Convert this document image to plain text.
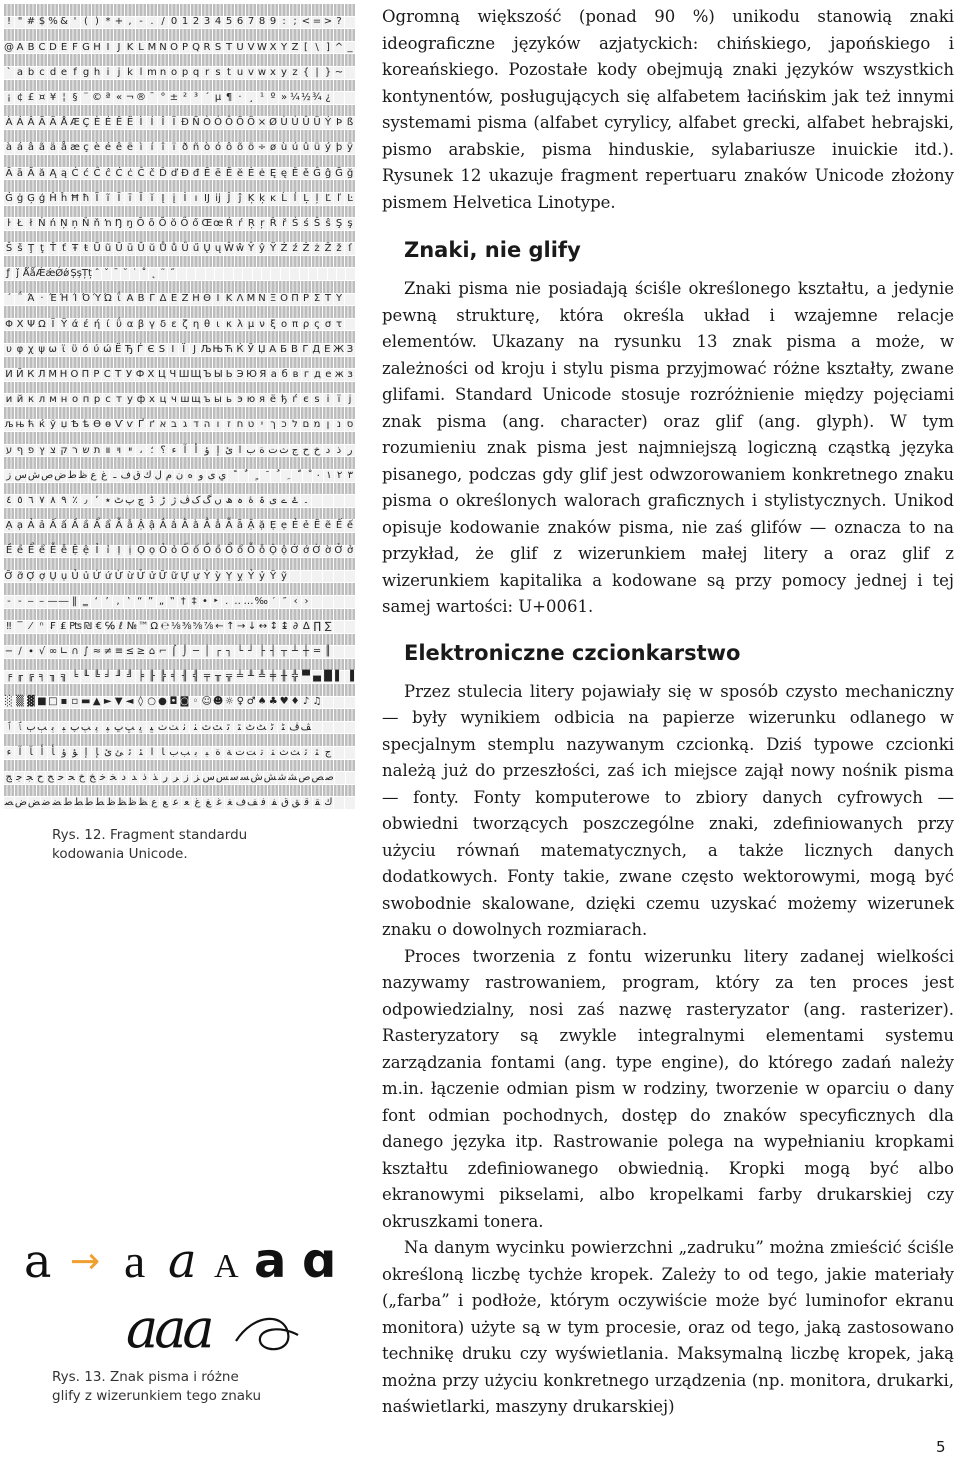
! " # $ % & ' ( ) * + , - . / 0 1 2 3 4 5 6 7 8 9 : ; < = > ?
@ A B C D E F G H I J K L M N O P Q R S T U V W X Y Z [ \ ] ^ _
` a b c d e f g h i j k l m n o p q r s t u v w x y z { | } ~
¡ ¢ £ ¤ ¥ ¦ § ¨ © ª « ¬ ® ¯ ° ± ² ³ ´ µ ¶ · ¸ ¹ º » ¼ ½ ¾ ¿
À Á Â Ã Ä Å Æ Ç È É Ê Ë Ì Í Î Ï Ð Ñ Ò Ó Ô Õ Ö × Ø Ù Ú Û Ü Ý Þ ß
à á â ã ä å æ ç è é ê ë ì í î ï ð ñ ò ó ô õ ö ÷ ø ù ú û ü ý þ ÿ
Ā ā Ă ă Ą ą Ć ć Ĉ ĉ Ċ ċ Č č Ď ď Đ đ Ē ē Ĕ ĕ Ė ė Ę ę Ě ě Ĝ ĝ Ğ ğ
Ġ ġ Ģ ģ Ĥ ĥ Ħ ħ Ĩ ĩ Ī ī Ĭ ĭ Į į İ ı Ĳ ĳ Ĵ ĵ Ķ ķ ĸ Ĺ ĺ Ļ ļ Ľ ľ Ŀ
ŀ Ł ł Ń ń Ņ ņ Ň ň ŉ Ŋ ŋ Ō ō Ŏ ŏ Ő ő Œ œ Ŕ ŕ Ŗ ŗ Ř ř Ś ś Ŝ ŝ Ş ş
Š š Ţ ţ Ť ť Ŧ ŧ Ũ ũ Ū ū Ŭ ŭ Ů ů Ű ű Ų ų Ŵ ŵ Ŷ ŷ Ÿ Ź ź Ż ż Ž ž ſ
ƒ ǰ ǺǻǼǽǾǿ ȘșȚț ˆ ˇ ˉ ˘ ˙ ˚ ˛ ˜ ˝
΄ ΅ Ά · Έ Ή Ί Ό Ύ Ώ ΐ Α Β Γ Δ Ε Ζ Η Θ Ι Κ Λ Μ Ν Ξ Ο Π Ρ Σ Τ Υ
Φ Χ Ψ Ω Ϊ Ϋ ά έ ή ί ΰ α β γ δ ε ζ η θ ι κ λ μ ν ξ ο π ρ ς σ τ
υ φ χ ψ ω ϊ ϋ ό ύ ώ Ё Ђ Ѓ Є Ѕ І Ї Ј Љ Њ Ћ Ќ Ў Џ А Б В Г Д Е Ж З
И Й К Л М Н О П Р С Т У Ф Х Ц Ч Ш Щ Ъ Ы Ь Э Ю Я а б в г д е ж з
и й к л м н о п р с т у ф х ц ч ш щ ъ ы ь э ю я ё ђ ѓ є ѕ і ї ј
љ њ ћ ќ ў џ Ѣ ѣ Ѳ ѳ Ѵ ѵ Ґ ґ א ב ג ד ה ו ז ח ט י ך כ ל ם מ ן נ ס
ע ף פ ץ צ ק ר ש ת װ ױ ײ ، ؛ ؟ ء آ أ ؤ إ ئ ا ب ة ت ث ج ح خ د ذ ر
ز س ش ص ض ط ظ ع غ ـ ف ق ك ل م ن ه و ى ي	٠ ١ ٢ ٣
٤ ٥ ٦ ٧ ٨ ٩ ٪ ٫ ٬ ٭ ٹ پ چ ڈ ڑ ژ ڤ ک گ ں ھ ہ ۀ ۃ ی ے ۓ ۔
Ạ ạ Ả ả Ấ ấ Ầ ầ Ẩ ẩ Ẫ ẫ Ậ ậ Ắ ắ Ằ ằ Ẳ ẳ Ẵ ẵ Ặ ặ Ẹ ẹ Ẻ ẻ Ẽ ẽ Ế ế
Ề ề Ể ể Ễ ễ Ệ ệ Ỉ ỉ Ị ị Ọ ọ Ỏ ỏ Ố ố Ồ ồ Ổ ổ Ỗ ỗ Ộ ộ Ớ ớ Ờ ờ Ở ở
Ỡ ỡ Ợ ợ Ụ ụ Ủ ủ Ứ ứ Ừ ừ Ử ử Ữ ữ Ự ự Ỳ ỳ Ỵ ỵ Ỷ ỷ Ỹ ỹ
‐ ‑ ‒ – — ― ‖ ‗ ‘ ’ ‚ ‛ “ ” „ ‟ † ‡ • ‣ ․ ‥ … ‰ ′ ″ ‹ ›
‼ ‾ ⁄ ⁿ ₣ ₤ ₧ ₪ € ℅ ℓ № ™ Ω ℮ ⅛ ⅜ ⅝ ⅞ ← ↑ → ↓ ↔ ↕ ↨ ∂ ∆ ∏ ∑
− ∕ ∙ √ ∞ ∟ ∩ ∫ ≈ ≠ ≡ ≤ ≥ ⌂ ⌐ ⌠ ⌡ ─ │ ┌ ┐ └ ┘ ├ ┤ ┬ ┴ ┼ ═ ║
╒ ╓ ╔ ╕ ╖ ╗ ╘ ╙ ╚ ╛ ╜ ╝ ╞ ╟ ╠ ╡ ╢ ╣ ╤ ╥ ╦ ╧ ╨ ╩ ╪ ╫ ╬ ▀ ▄ █ ▌ ▐
░ ▒ ▓ ■ □ ▪ ▫ ▬ ▲ ► ▼ ◄ ◊ ○ ● ◘ ◙ ◦ ☺ ☻ ☼ ♀ ♂ ♠ ♣ ♥ ♦ ♪ ♫
ﭐ ﭑ ﭒ ﭓ ﭔ ﭕ ﭖ ﭗ ﭘ ﭙ ﭚ ﭛ ﭜ ﭝ ﭞ ﭟ ﭠ ﭡ ﭢ ﭣ ﭤ ﭥ ﭦ ﭧ ﭨ ﭩ ﭪ ﭫ
ﺀ ﺁ ﺂ ﺃ ﺄ ﺅ ﺆ ﺇ ﺈ ﺉ ﺊ ﺋ ﺌ ﺍ ﺎ ﺏ ﺐ ﺑ ﺒ ﺓ ﺔ ﺕ ﺖ ﺗ ﺘ ﺙ ﺚ ﺛ ﺜ ﺝ
ﺞ ﺟ ﺠ ﺡ ﺢ ﺣ ﺤ ﺥ ﺦ ﺧ ﺨ ﺩ ﺪ ﺫ ﺬ ﺭ ﺮ ﺯ ﺰ ﺱ ﺲ ﺳ ﺴ ﺵ ﺶ ﺷ ﺸ ﺹ ﺺ ﺻ
ﺼ ﺽ ﺾ ﺿ ﻀ ﻁ ﻂ ﻃ ﻄ ﻅ ﻆ ﻇ ﻈ ﻉ ﻊ ﻋ ﻌ ﻍ ﻎ ﻏ ﻐ ﻑ ﻒ ﻓ ﻔ ﻕ ﻖ ﻗ ﻘ ﻙ
Rys. 12. Fragment standardu
kodowania Unicode.
a → a a A a ɑ
aaa
Rys. 13. Znak pisma i różne
glify z wizerunkiem tego znaku

Ogromną większość (ponad 90 %) unikodu stanowią znaki ideograficzne języków azjatyckich: chińskiego, japońskiego i koreańskiego. Pozostałe kody obejmują znaki języków wszystkich kontynentów, posługujących się alfabetem łacińskim jak też innymi systemami pisma (alfabet cyrylicy, alfabet grecki, alfabet hebrajski, pismo arabskie, pisma hinduskie, sylabariusze inuickie itd.). Rysunek 12 ukazuje fragment repertuaru znaków Unicode złożony pismem Helvetica Linotype.

Znaki, nie glify

Znaki pisma nie posiadają ściśle określonego kształtu, a jedynie pewną strukturę, która określa układ i wzajemne relacje elementów. Ukazany na rysunku 13 znak pisma a może, w zależności od kroju i stylu pisma przyjmować różne kształty, zwane glifami. Standard Unicode stosuje rozróżnienie między pojęciami znak pisma (ang. character) oraz glif (ang. glyph). W tym rozumieniu znak pisma jest najmniejszą logiczną cząstką języka pisanego, podczas gdy glif jest odwzorowaniem konkretnego znaku pisma o określonych walorach graficznych i stylistycznych. Unikod opisuje kodowanie znaków pisma, nie zaś glifów — oznacza to na przykład, że glif z wizerunkiem małej litery a oraz glif z wizerunkiem kapitalika a kodowane są przy pomocy jednej i tej samej wartości: U+0061.

Elektroniczne czcionkarstwo

Przez stulecia litery pojawiały się w sposób czysto mechaniczny — były wynikiem odbicia na papierze wizerunku odlanego w specjalnym stemplu nazywanym czcionką. Dziś typowe czcionki należą już do przeszłości, zaś ich miejsce zajął nowy nośnik pisma — fonty. Fonty komputerowe to zbiory danych cyfrowych — obwiedni tworzących poszczególne znaki, zdefiniowanych przy użyciu równań matematycznych, a także licznych danych dodatkowych. Fonty takie, zwane często wektorowymi, mogą być swobodnie skalowane, dzięki czemu uzyskać możemy wizerunek znaku o dowolnych rozmiarach.

Proces tworzenia z fontu wizerunku litery zadanej wielkości nazywamy rastrowaniem, program, który za ten proces jest odpowiedzialny, nosi zaś nazwę rasteryzator (ang. rasterizer). Rasteryzatory są zwykle integralnymi elementami systemu zarządzania fontami (ang. type engine), do którego zadań należy m.in. łączenie odmian pism w rodziny, tworzenie w oparciu o dany font odmian pochodnych, dostęp do znaków specyficznych dla danego języka itp. Rastrowanie polega na wypełnianiu kropkami kształtu zdefiniowanego obwiednią. Kropki mogą być albo ekranowymi pikselami, albo kropelkami farby drukarskiej czy okruszkami tonera.

Na danym wycinku powierzchni „zadruku” można zmieścić ściśle określoną liczbę tychże kropek. Zależy to od tego, jakie materiały („farba” i podłoże, którym oczywiście może być luminofor ekranu monitora) użyte są w tym procesie, oraz od tego, jaką zastosowano technikę druku czy wyświetlania. Maksymalną liczbę kropek, jaką można przy użyciu konkretnego urządzenia (np. monitora, drukarki, naświetlarki, maszyny drukarskiej)

5
